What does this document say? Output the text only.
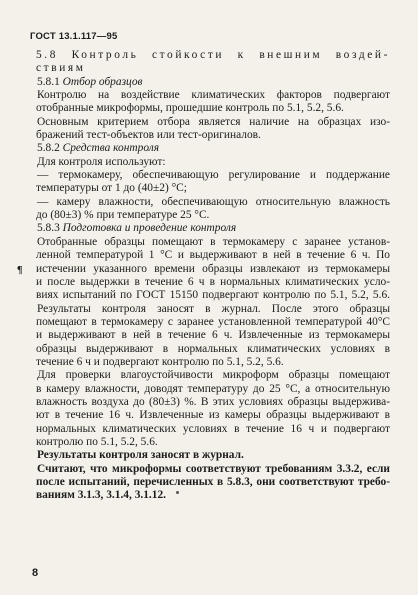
ГОСТ 13.1.117—95
5.8 Контроль стойкости к внешним воздей-
ствиям
5.8.1 Отбор образцов
Контролю на воздействие климатических факторов подвергают
отобранные микроформы, прошедшие контроль по 5.1, 5.2, 5.6.
Основным критерием отбора является наличие на образцах изо-
бражений тест-объектов или тест-оригиналов.
5.8.2 Средства контроля
Для контроля используют:
— термокамеру, обеспечивающую регулирование и поддержание
температуры от 1 до (40±2) °С;
— камеру влажности, обеспечивающую относительную влажность
до (80±3) % при температуре 25 °С.
5.8.3 Подготовка и проведение контроля
Отобранные образцы помещают в термокамеру с заранее установ-
ленной температурой 1 °С и выдерживают в ней в течение 6 ч. По
истечении указанного времени образцы извлекают из термокамеры
и после выдержки в течение 6 ч в нормальных климатических усло-
виях испытаний по ГОСТ 15150 подвергают контролю по 5.1, 5.2, 5.6.
Результаты контроля заносят в журнал. После этого образцы
помещают в термокамеру с заранее установленной температурой 40°С
и выдерживают в ней в течение 6 ч. Извлеченные из термокамеры
образцы выдерживают в нормальных климатических условиях в
течение 6 ч и подвергают контролю по 5.1, 5.2, 5.6.
Для проверки влагоустойчивости микроформ образцы помещают
в камеру влажности, доводят температуру до 25 °С, а относительную
влажность воздуха до (80±3) %. В этих условиях образцы выдержива-
ют в течение 16 ч. Извлеченные из камеры образцы выдерживают в
нормальных климатических условиях в течение 16 ч и подвергают
контролю по 5.1, 5.2, 5.6.
Результаты контроля заносят в журнал.
Считают, что микроформы соответствуют требованиям 3.3.2, если
после испытаний, перечисленных в 5.8.3, они соответствуют требо-
ваниям 3.1.3, 3.1.4, 3.1.12.
¶
8
